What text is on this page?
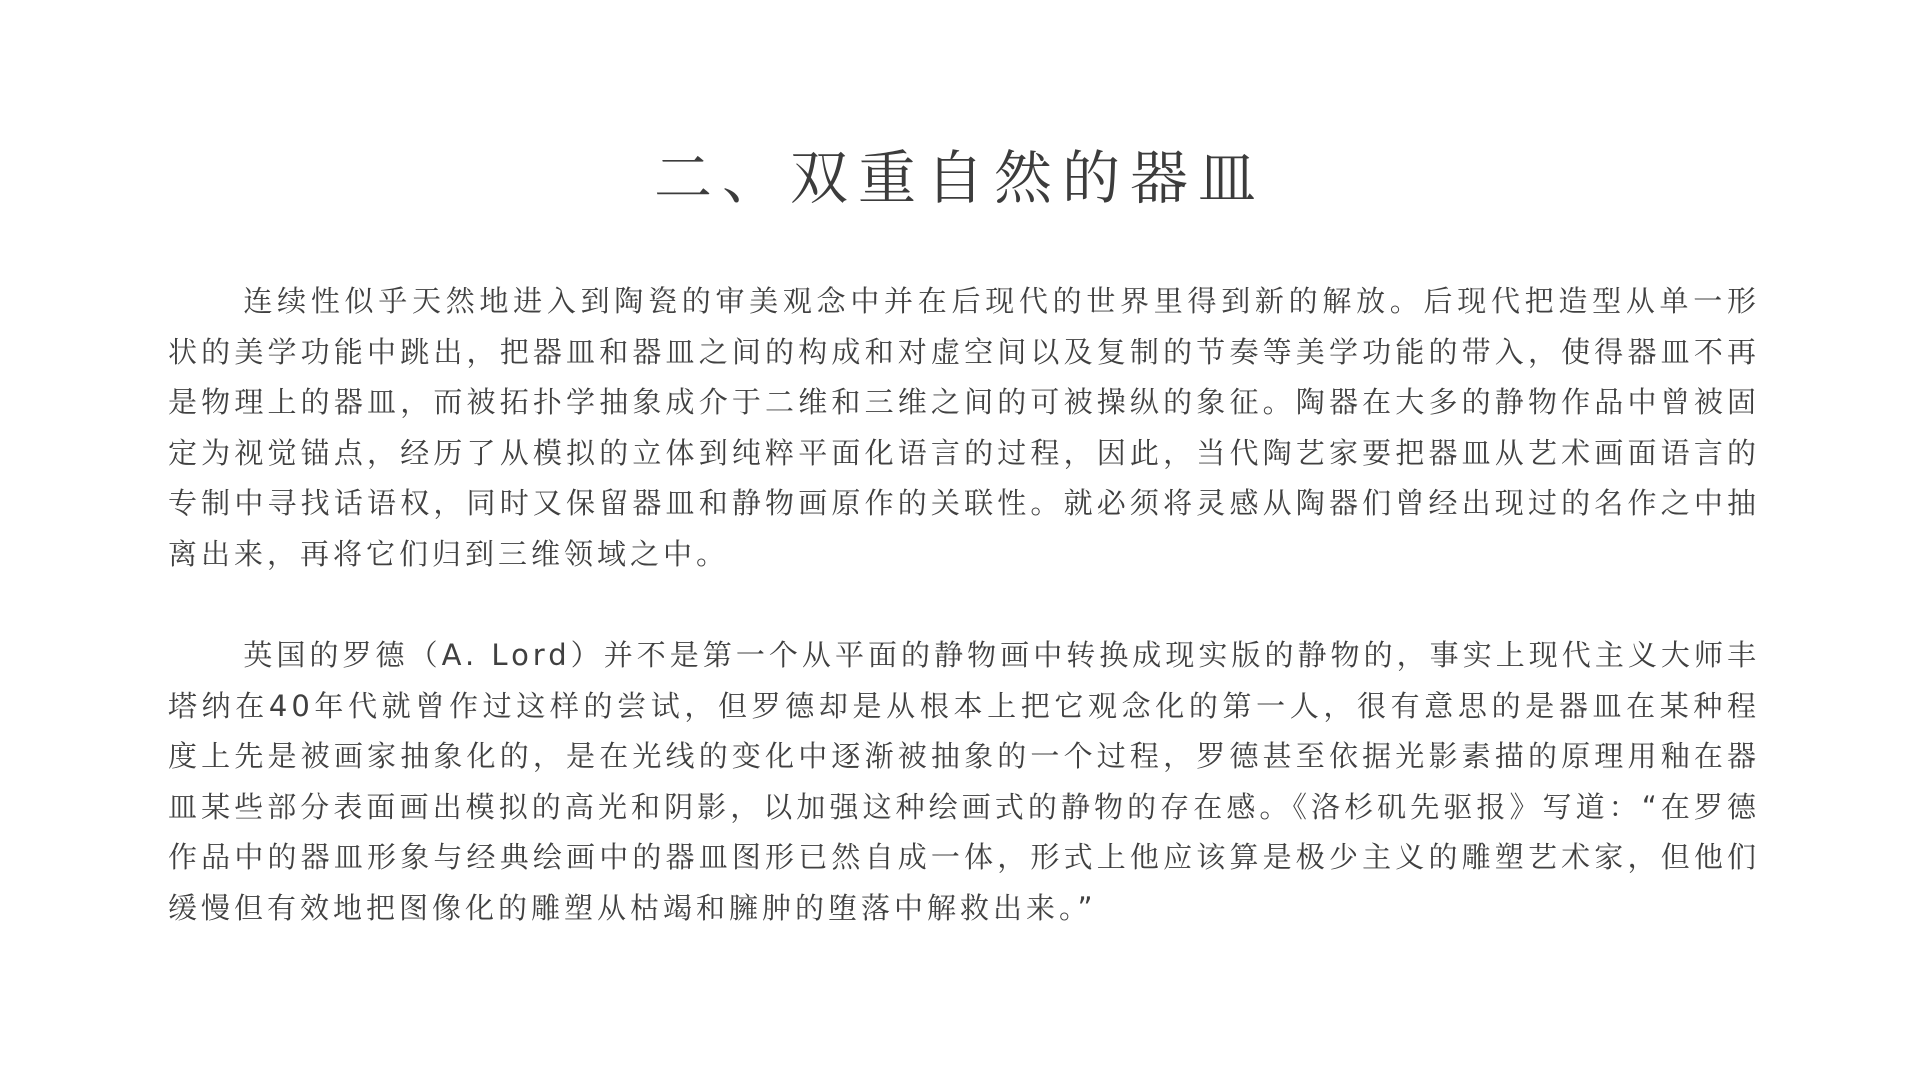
二、双重自然的器皿

连续性似乎天然地进入到陶瓷的审美观念中并在后现代的世界里得到新的解放。后现代把造型从单一形状的美学功能中跳出，把器皿和器皿之间的构成和对虚空间以及复制的节奏等美学功能的带入，使得器皿不再是物理上的器皿，而被拓扑学抽象成介于二维和三维之间的可被操纵的象征。陶器在大多的静物作品中曾被固定为视觉锚点，经历了从模拟的立体到纯粹平面化语言的过程，因此，当代陶艺家要把器皿从艺术画面语言的专制中寻找话语权，同时又保留器皿和静物画原作的关联性。就必须将灵感从陶器们曾经出现过的名作之中抽离出来，再将它们归到三维领域之中。

英国的罗德（A. Lord）并不是第一个从平面的静物画中转换成现实版的静物的，事实上现代主义大师丰塔纳在40年代就曾作过这样的尝试，但罗德却是从根本上把它观念化的第一人，很有意思的是器皿在某种程度上先是被画家抽象化的，是在光线的变化中逐渐被抽象的一个过程，罗德甚至依据光影素描的原理用釉在器皿某些部分表面画出模拟的高光和阴影，以加强这种绘画式的静物的存在感。《洛杉矶先驱报》写道：“在罗德作品中的器皿形象与经典绘画中的器皿图形已然自成一体，形式上他应该算是极少主义的雕塑艺术家，但他们缓慢但有效地把图像化的雕塑从枯竭和臃肿的堕落中解救出来。”
